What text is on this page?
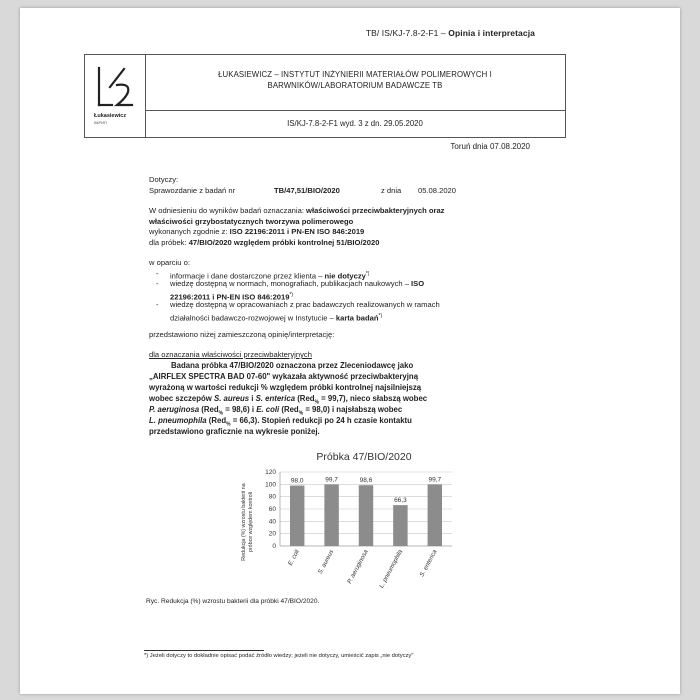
TB/ IS/KJ-7.8-2-F1 – Opinia i interpretacja
Łukasiewicz
ІМРИП
ŁUKASIEWICZ – INSTYTUT INŻYNIERII MATERIAŁÓW POLIMEROWYCH I
BARWNIKÓW/LABORATORIUM BADAWCZE TB
IS/KJ-7.8-2-F1 wyd. 3 z dn. 29.05.2020
Toruń dnia 07.08.2020
Dotyczy:
Sprawozdanie z badań nr	TB/47,51/BIO/2020	z dnia 05.08.2020
W odniesieniu do wyników badań oznaczania: właściwości przeciwbakteryjnych oraz
właściwości grzybostatycznych tworzywa polimerowego
wykonanych zgodnie z: ISO 22196:2011 i PN-EN ISO 846:2019
dla próbek: 47/BIO/2020 względem próbki kontrolnej 51/BIO/2020
w oparciu o:
- informacje i dane dostarczone przez klienta – nie dotyczy*)
- wiedzę dostępną w normach, monografiach, publikacjach naukowych – ISO
22196:2011 i PN-EN ISO 846:2019*)
- wiedzę dostępną w opracowaniach z prac badawczych realizowanych w ramach
działalności badawczo-rozwojowej w Instytucie – karta badań*)
przedstawiono niżej zamieszczoną opinię/interpretację:
dla oznaczania właściwości przeciwbakteryjnych
Badana próbka 47/BIO/2020 oznaczona przez Zleceniodawcę jako
„AIRFLEX SPECTRA BAD 07-60" wykazała aktywność przeciwbakteryjną
wyrażoną w wartości redukcji % względem próbki kontrolnej najsilniejszą
wobec szczepów S. aureus i S. enterica (Red$_{\%}$ = 99,7), nieco słabszą wobec
P. aeruginosa (Red$_{\%}$ = 98,6) i E. coli (Red$_{\%}$ = 98,0) i najsłabszą wobec
L. pneumophila (Red$_{\%}$ = 66,3). Stopień redukcji po 24 h czasie kontaktu
przedstawiono graficznie na wykresie poniżej.
Próbka 47/BIO/2020
Redukcja (%) wzrostu bakterii na próbce względem kontroli	0
20
40
60
80
100
120
98,0
E. coli
99,7
S. aureus
98,6
P. aeruginosa
66,3
L. pneumophila
99,7
S. enterica
Ryc. Redukcja (%) wzrostu bakterii dla próbki 47/BIO/2020.
*) Jeżeli dotyczy to dokładnie opisać podać źródło wiedzy; jeżeli nie dotyczy, umieścić zapis „nie dotyczy"
